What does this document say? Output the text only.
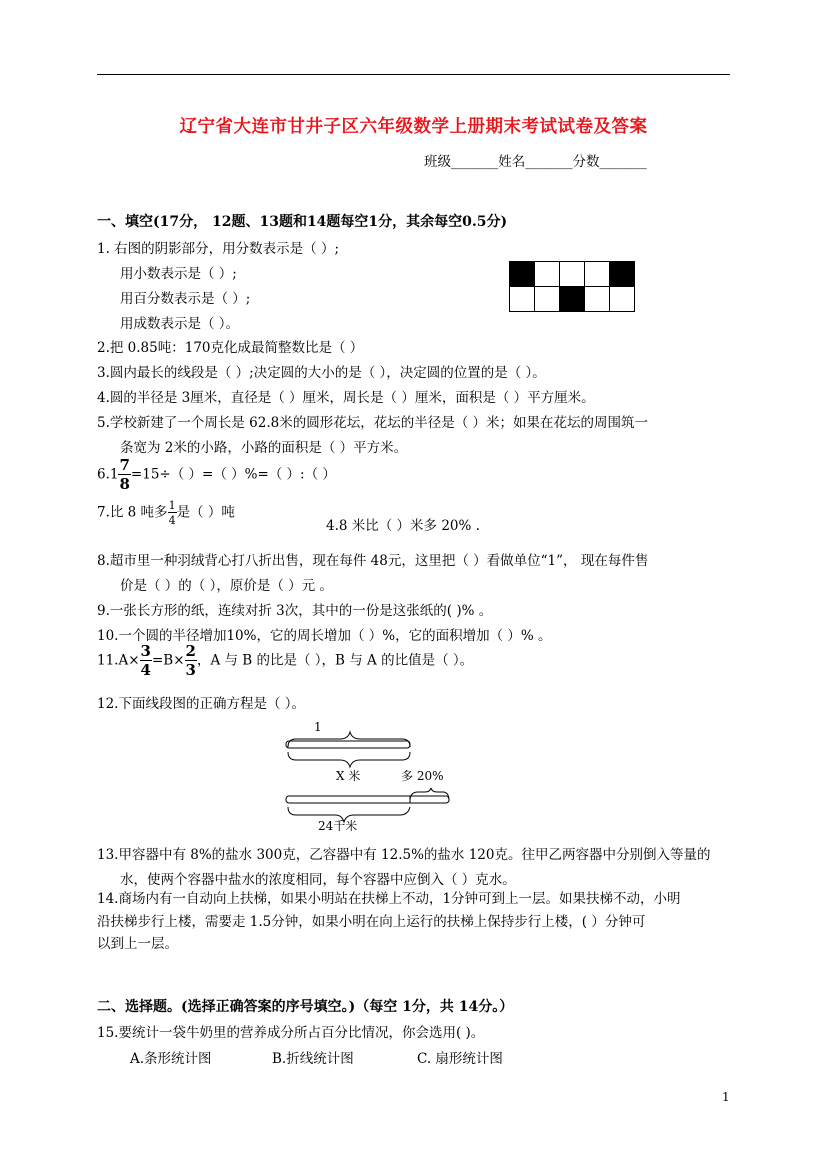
辽宁省大连市甘井子区六年级数学上册期末考试试卷及答案
班级_______姓名_______分数_______
一、填空(17分， 12题、13题和14题每空1分，其余每空0.5分)
1. 右图的阴影部分，用分数表示是（ ）;
用小数表示是（ ）;
用百分数表示是（ ）;
用成数表示是（ ）。

2.把 0.85吨：170克化成最简整数比是（ ）
3.圆内最长的线段是（ ）;决定圆的大小的是（ ），决定圆的位置的是（ ）。
4.圆的半径是 3厘米，直径是（ ）厘米，周长是（ ）厘米，面积是（ ）平方厘米。
5.学校新建了一个周长是 62.8米的圆形花坛，花坛的半径是（ ）米；如果在花坛的周围筑一
条宽为 2米的小路，小路的面积是（ ）平方米。
$6.1 \frac{7}{8} =15\div$（ ）=（ ）%=（ ）:（ ）
7.比 8 吨多 $\frac{1}{4}$ 是（ ）吨
4.8 米比（ ）米多 20% .
8.超市里一种羽绒背心打八折出售，现在每件 48元，这里把（ ）看做单位“1”， 现在每件售
价是（ ）的（ ），原价是（ ）元 。
9.一张长方形的纸，连续对折 3次，其中的一份是这张纸的( )% 。
10.一个圆的半径增加10%，它的周长增加（ ）%，它的面积增加（ ）% 。
$11.A\times \frac{3}{4} =B\times \frac{2}{3}$ ，A 与 B 的比是（ ），B 与 A 的比值是（ ）。
12.下面线段图的正确方程是（ ）。
1
X 米	多 20%
24千米
13.甲容器中有 8%的盐水 300克，乙容器中有 12.5%的盐水 120克。往甲乙两容器中分别倒入等量的
水，使两个容器中盐水的浓度相同，每个容器中应倒入（ ）克水。
14.商场内有一自动向上扶梯，如果小明站在扶梯上不动，1分钟可到上一层。如果扶梯不动，小明
沿扶梯步行上楼，需要走 1.5分钟，如果小明在向上运行的扶梯上保持步行上楼，( ）分钟可
以到上一层。
二、选择题。(选择正确答案的序号填空。)（每空 1分，共 14分。）
15.要统计一袋牛奶里的营养成分所占百分比情况，你会选用( )。
A.条形统计图	B.折线统计图	C. 扇形统计图
1
